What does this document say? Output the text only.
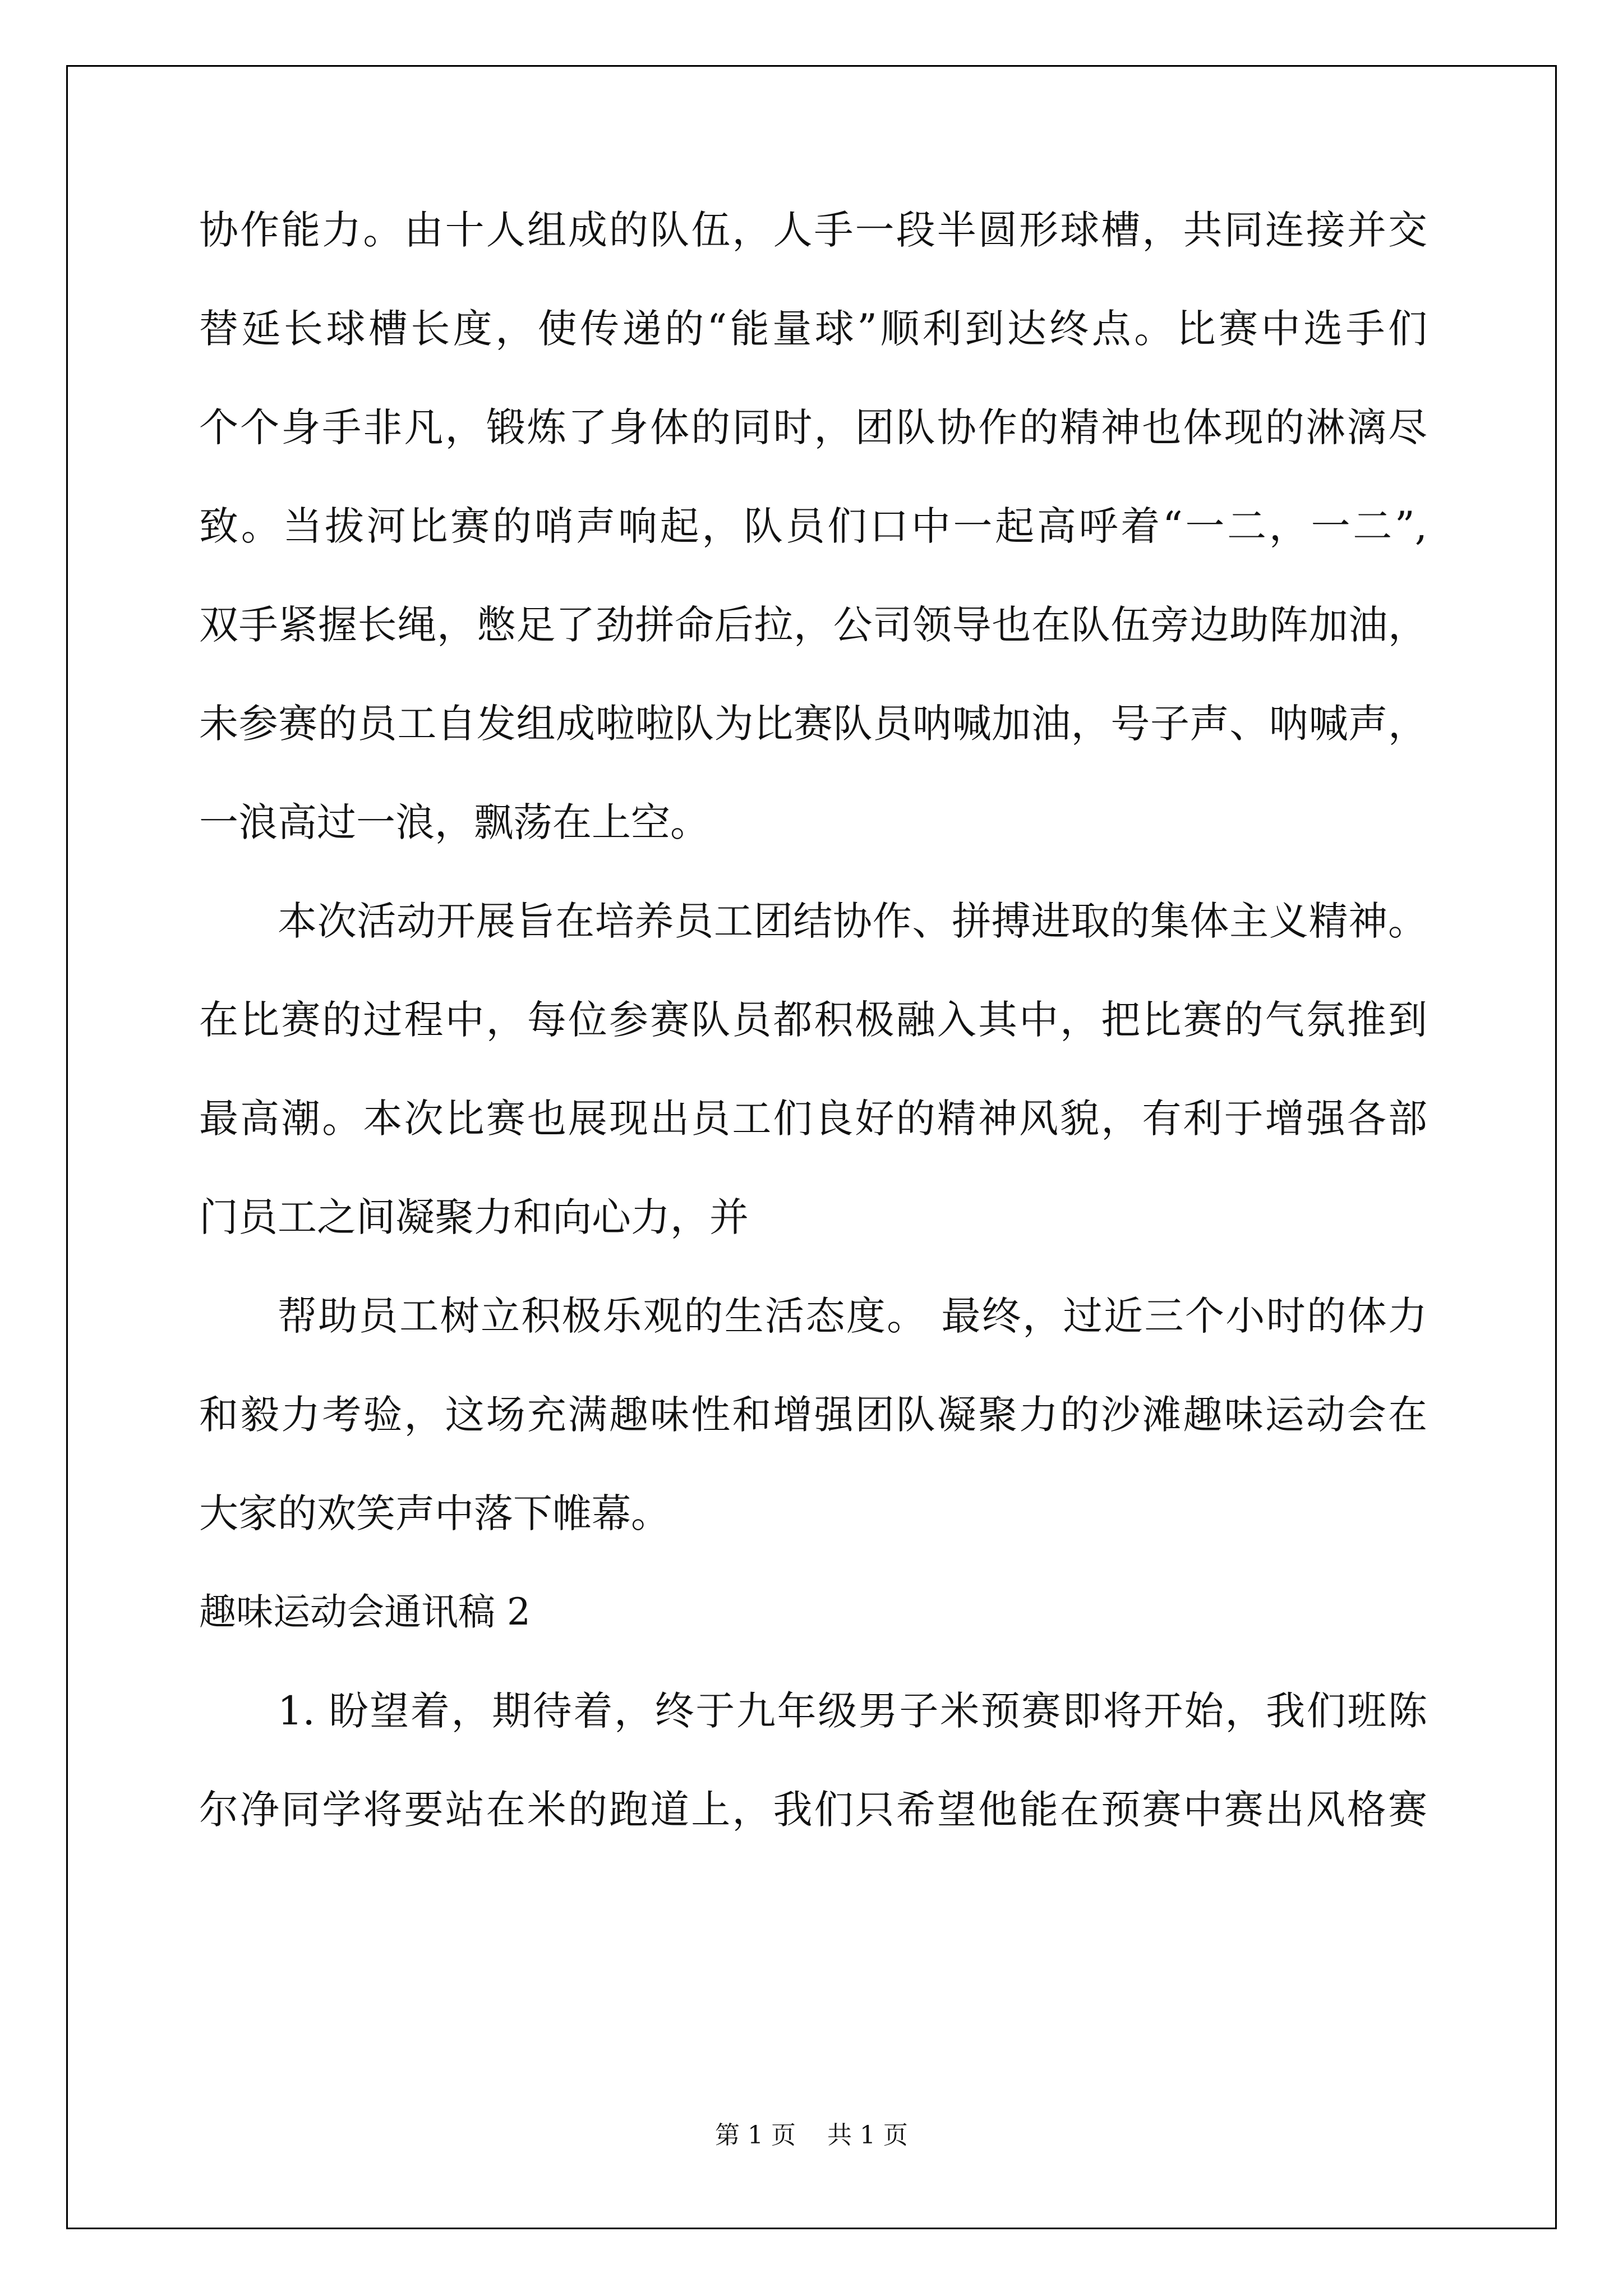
协作能力。由十人组成的队伍，人手一段半圆形球槽，共同连接并交
替延长球槽长度，使传递的“能量球”顺利到达终点。比赛中选手们
个个身手非凡，锻炼了身体的同时，团队协作的精神也体现的淋漓尽
致。当拔河比赛的哨声响起，队员们口中一起高呼着“一二，一二”,
双手紧握长绳，憋足了劲拼命后拉，公司领导也在队伍旁边助阵加油，
未参赛的员工自发组成啦啦队为比赛队员呐喊加油，号子声、呐喊声，
一浪高过一浪，飘荡在上空。
本次活动开展旨在培养员工团结协作、拼搏进取的集体主义精神。
在比赛的过程中，每位参赛队员都积极融入其中，把比赛的气氛推到
最高潮。本次比赛也展现出员工们良好的精神风貌，有利于增强各部
门员工之间凝聚力和向心力，并
帮助员工树立积极乐观的生活态度。 最终，过近三个小时的体力
和毅力考验，这场充满趣味性和增强团队凝聚力的沙滩趣味运动会在
大家的欢笑声中落下帷幕。
趣味运动会通讯稿 2
1. 盼望着，期待着，终于九年级男子米预赛即将开始，我们班陈
尔净同学将要站在米的跑道上，我们只希望他能在预赛中赛出风格赛
第 1 页    共 1 页
